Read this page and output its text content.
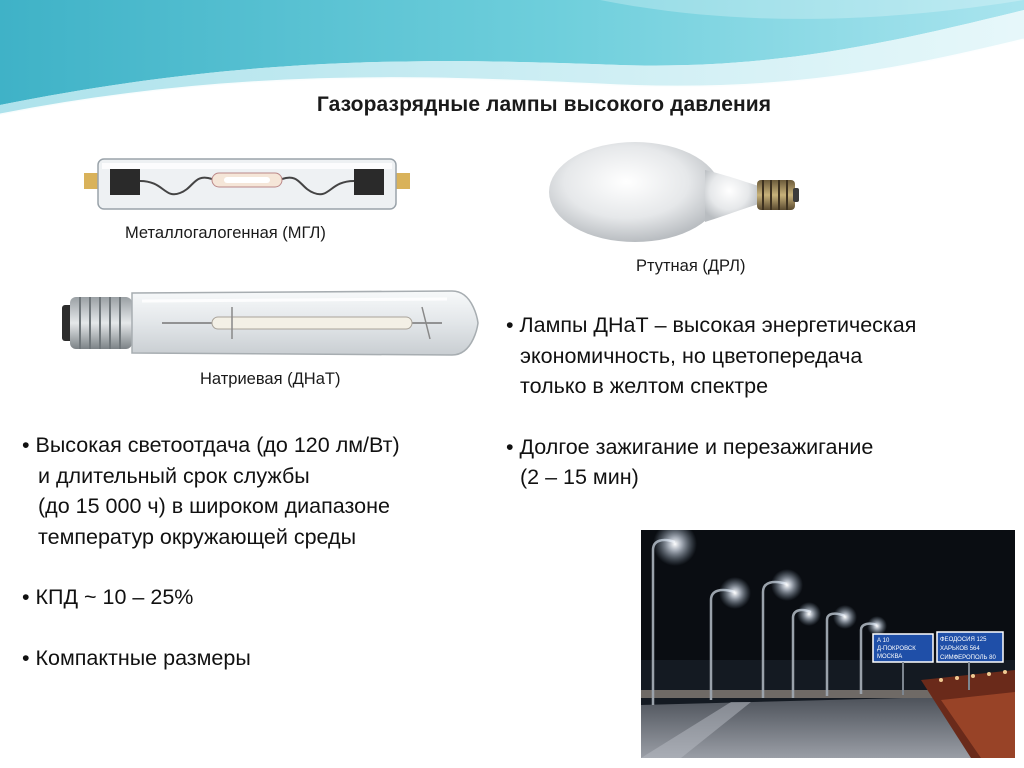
Газоразрядные лампы высокого давления
Металлогалогенная (МГЛ)
Ртутная (ДРЛ)
Натриевая (ДНаТ)

• Высокая светоотдача (до 120 лм/Вт)

и длительный срок службы

(до 15 000 ч) в широком диапазоне

температур окружающей среды

• КПД ~ 10 – 25%

• Компактные размеры

• Лампы ДНаТ – высокая энергетическая

экономичность, но цветопередача

только в желтом спектре

• Долгое зажигание и перезажигание

(2 – 15 мин)

А 10
Д-ПОКРОВСК
МОСКВА
ФЕОДОСИЯ 125
ХАРЬКОВ 564
СИМФЕРОПОЛЬ 80
